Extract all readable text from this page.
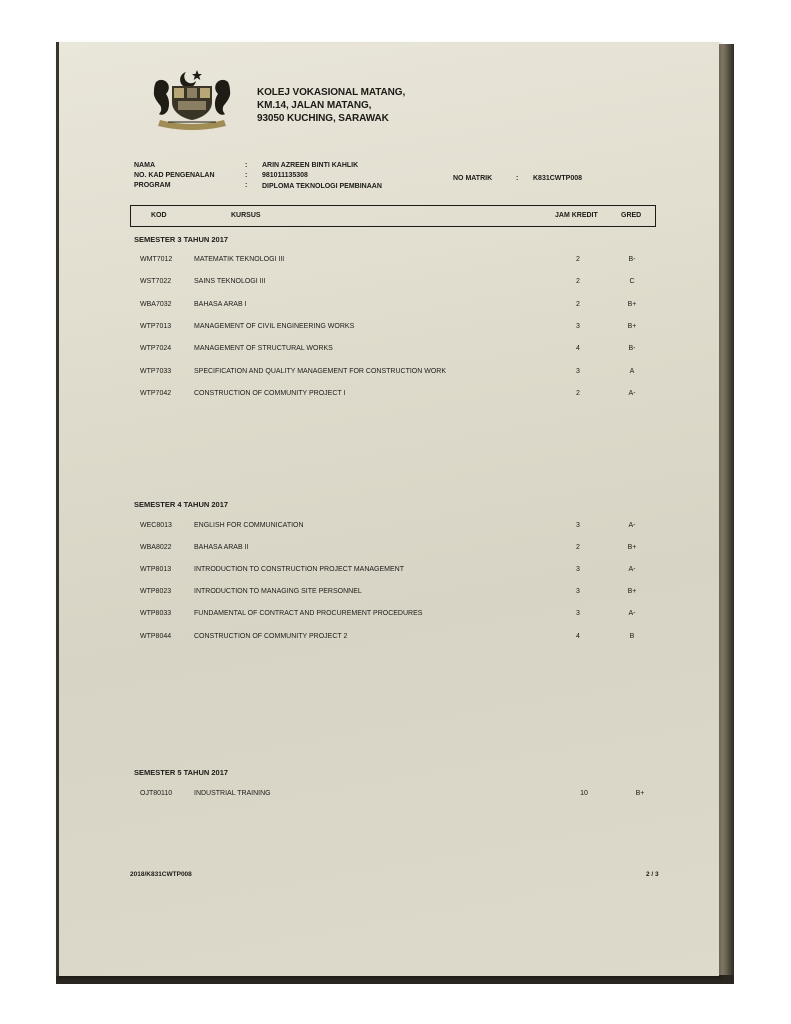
KOLEJ VOKASIONAL MATANG,
KM.14, JALAN MATANG,
93050 KUCHING, SARAWAK
NAMA	: ARIN AZREEN BINTI KAHLIK
NO. KAD PENGENALAN	: 981011135308
PROGRAM	: DIPLOMA TEKNOLOGI PEMBINAAN
NO MATRIK	: K831CWTP008
KOD	KURSUS	JAM KREDIT	GRED
SEMESTER 3 TAHUN 2017
WMT7012	MATEMATIK TEKNOLOGI III	2	B-
WST7022	SAINS TEKNOLOGI III	2	C
WBA7032	BAHASA ARAB I	2	B+
WTP7013	MANAGEMENT OF CIVIL ENGINEERING WORKS	3	B+
WTP7024	MANAGEMENT OF STRUCTURAL WORKS	4	B-
WTP7033	SPECIFICATION AND QUALITY MANAGEMENT FOR CONSTRUCTION WORK	3	A
WTP7042	CONSTRUCTION OF COMMUNITY PROJECT I	2	A-
SEMESTER 4 TAHUN 2017
WEC8013	ENGLISH FOR COMMUNICATION	3	A-
WBA8022	BAHASA ARAB II	2	B+
WTP8013	INTRODUCTION TO CONSTRUCTION PROJECT MANAGEMENT	3	A-
WTP8023	INTRODUCTION TO MANAGING SITE PERSONNEL	3	B+
WTP8033	FUNDAMENTAL OF CONTRACT AND PROCUREMENT PROCEDURES	3	A-
WTP8044	CONSTRUCTION OF COMMUNITY PROJECT 2	4	B
SEMESTER 5 TAHUN 2017
OJT80110	INDUSTRIAL TRAINING	10	B+
2018/K831CWTP008	2 / 3
